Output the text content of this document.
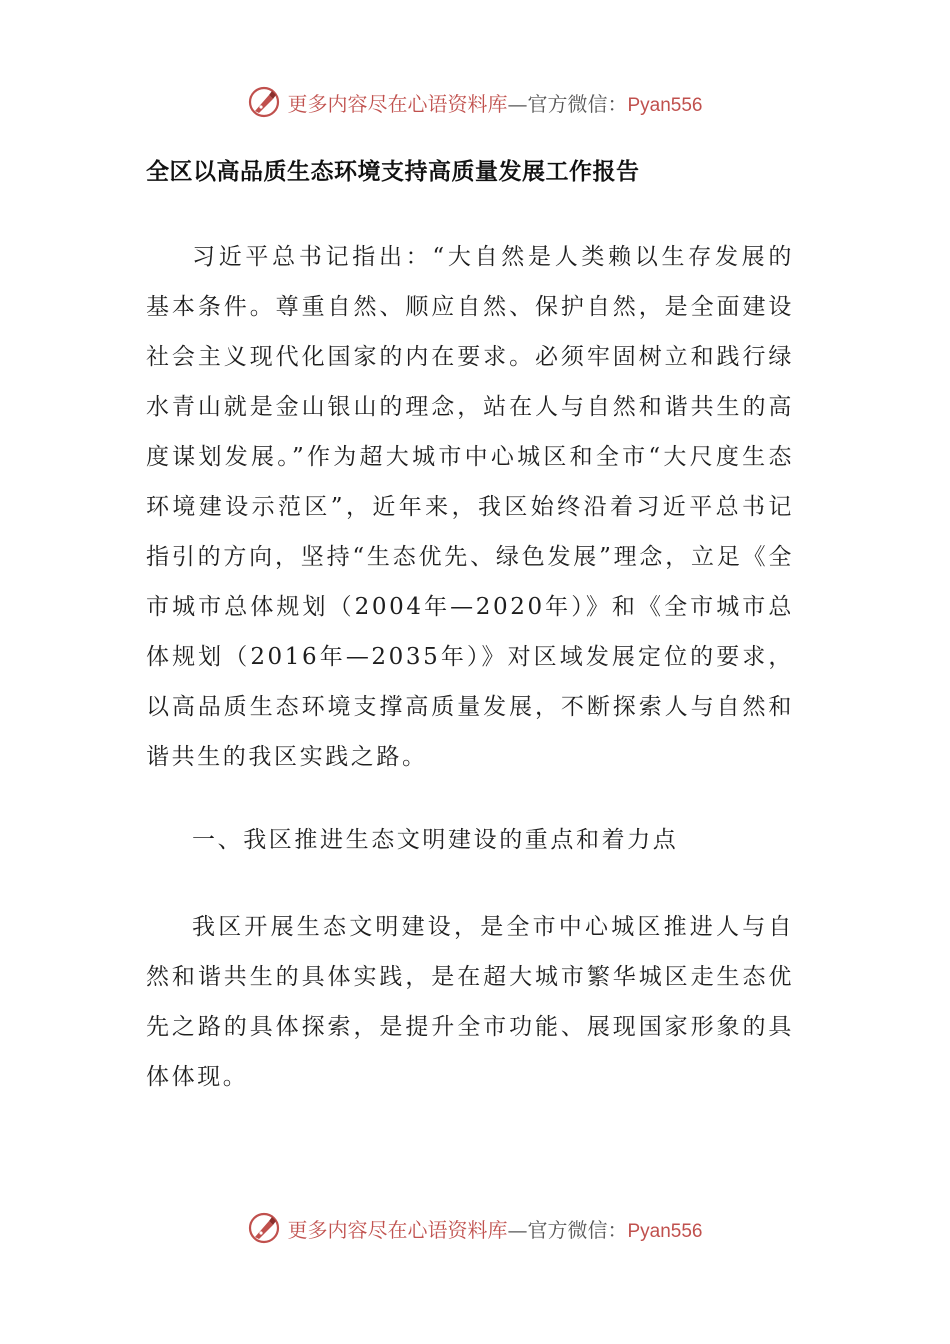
更多内容尽在心语资料库 —官方微信： Pyan556
全区以高品质生态环境支持高质量发展工作报告

习近平总书记指出：“大自然是人类赖以生存发展的基本条件。尊重自然、顺应自然、保护自然，是全面建设社会主义现代化国家的内在要求。必须牢固树立和践行绿水青山就是金山银山的理念，站在人与自然和谐共生的高度谋划发展。”作为超大城市中心城区和全市“大尺度生态环境建设示范区”，近年来，我区始终沿着习近平总书记指引的方向，坚持“生态优先、绿色发展”理念，立足《全市城市总体规划（2004年—2020年）》和《全市城市总体规划（2016年—2035年）》对区域发展定位的要求，以高品质生态环境支撑高质量发展，不断探索人与自然和谐共生的我区实践之路。

一、我区推进生态文明建设的重点和着力点

我区开展生态文明建设，是全市中心城区推进人与自然和谐共生的具体实践，是在超大城市繁华城区走生态优先之路的具体探索，是提升全市功能、展现国家形象的具体体现。

更多内容尽在心语资料库 —官方微信： Pyan556
